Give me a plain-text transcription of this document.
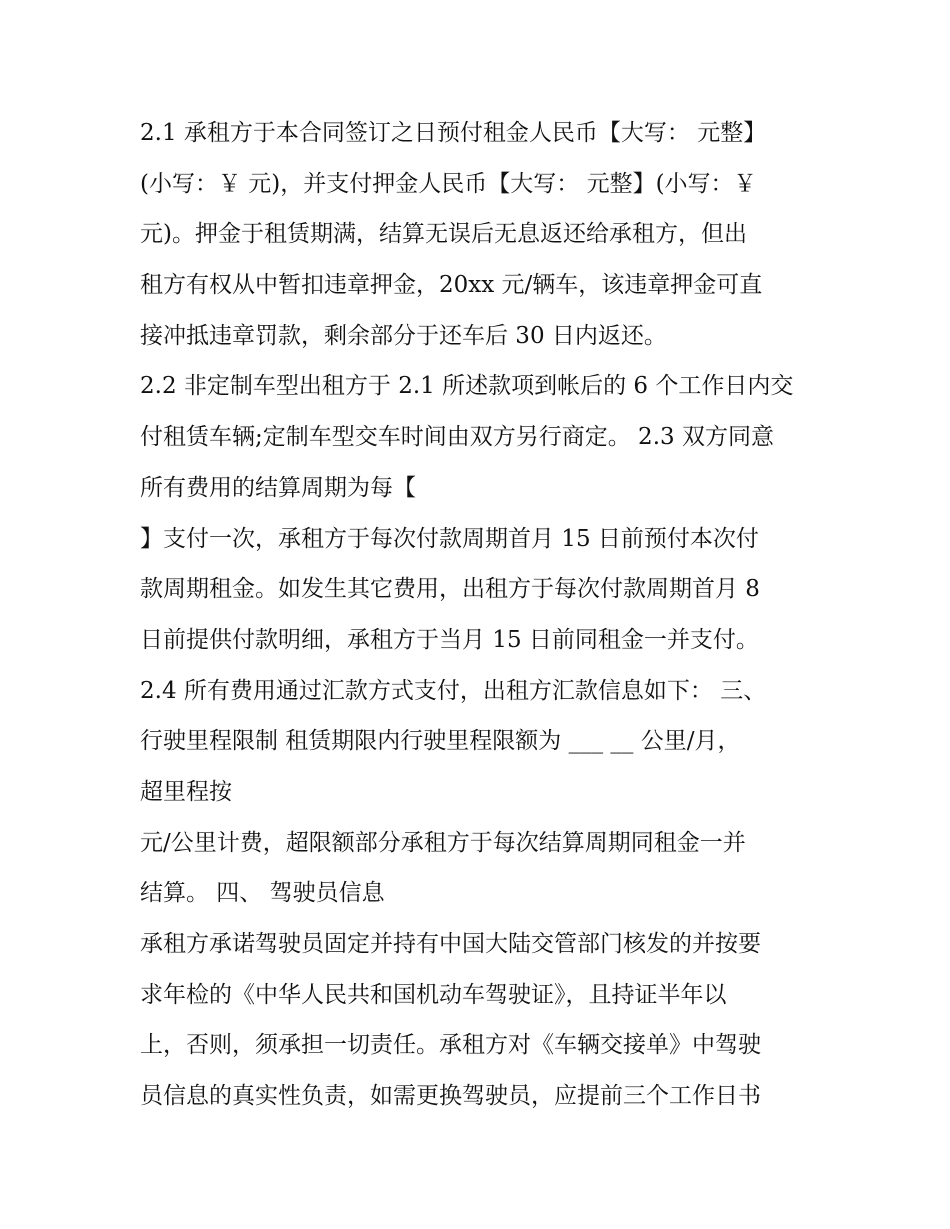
2.1 承租方于本合同签订之日预付租金人民币【大写： 元整】
(小写：￥ 元)，并支付押金人民币【大写： 元整】(小写：￥
元)。押金于租赁期满，结算无误后无息返还给承租方，但出
租方有权从中暂扣违章押金，20xx 元/辆车，该违章押金可直
接冲抵违章罚款，剩余部分于还车后 30 日内返还。
2.2 非定制车型出租方于 2.1 所述款项到帐后的 6 个工作日内交
付租赁车辆;定制车型交车时间由双方另行商定。 2.3 双方同意
所有费用的结算周期为每【
】支付一次，承租方于每次付款周期首月 15 日前预付本次付
款周期租金。如发生其它费用，出租方于每次付款周期首月 8
日前提供付款明细，承租方于当月 15 日前同租金一并支付。
2.4 所有费用通过汇款方式支付，出租方汇款信息如下： 三、
行驶里程限制 租赁期限内行驶里程限额为 ___ __ 公里/月，
超里程按
元/公里计费，超限额部分承租方于每次结算周期同租金一并
结算。 四、 驾驶员信息
承租方承诺驾驶员固定并持有中国大陆交管部门核发的并按要
求年检的《中华人民共和国机动车驾驶证》，且持证半年以
上，否则，须承担一切责任。承租方对《车辆交接单》中驾驶
员信息的真实性负责，如需更换驾驶员，应提前三个工作日书
